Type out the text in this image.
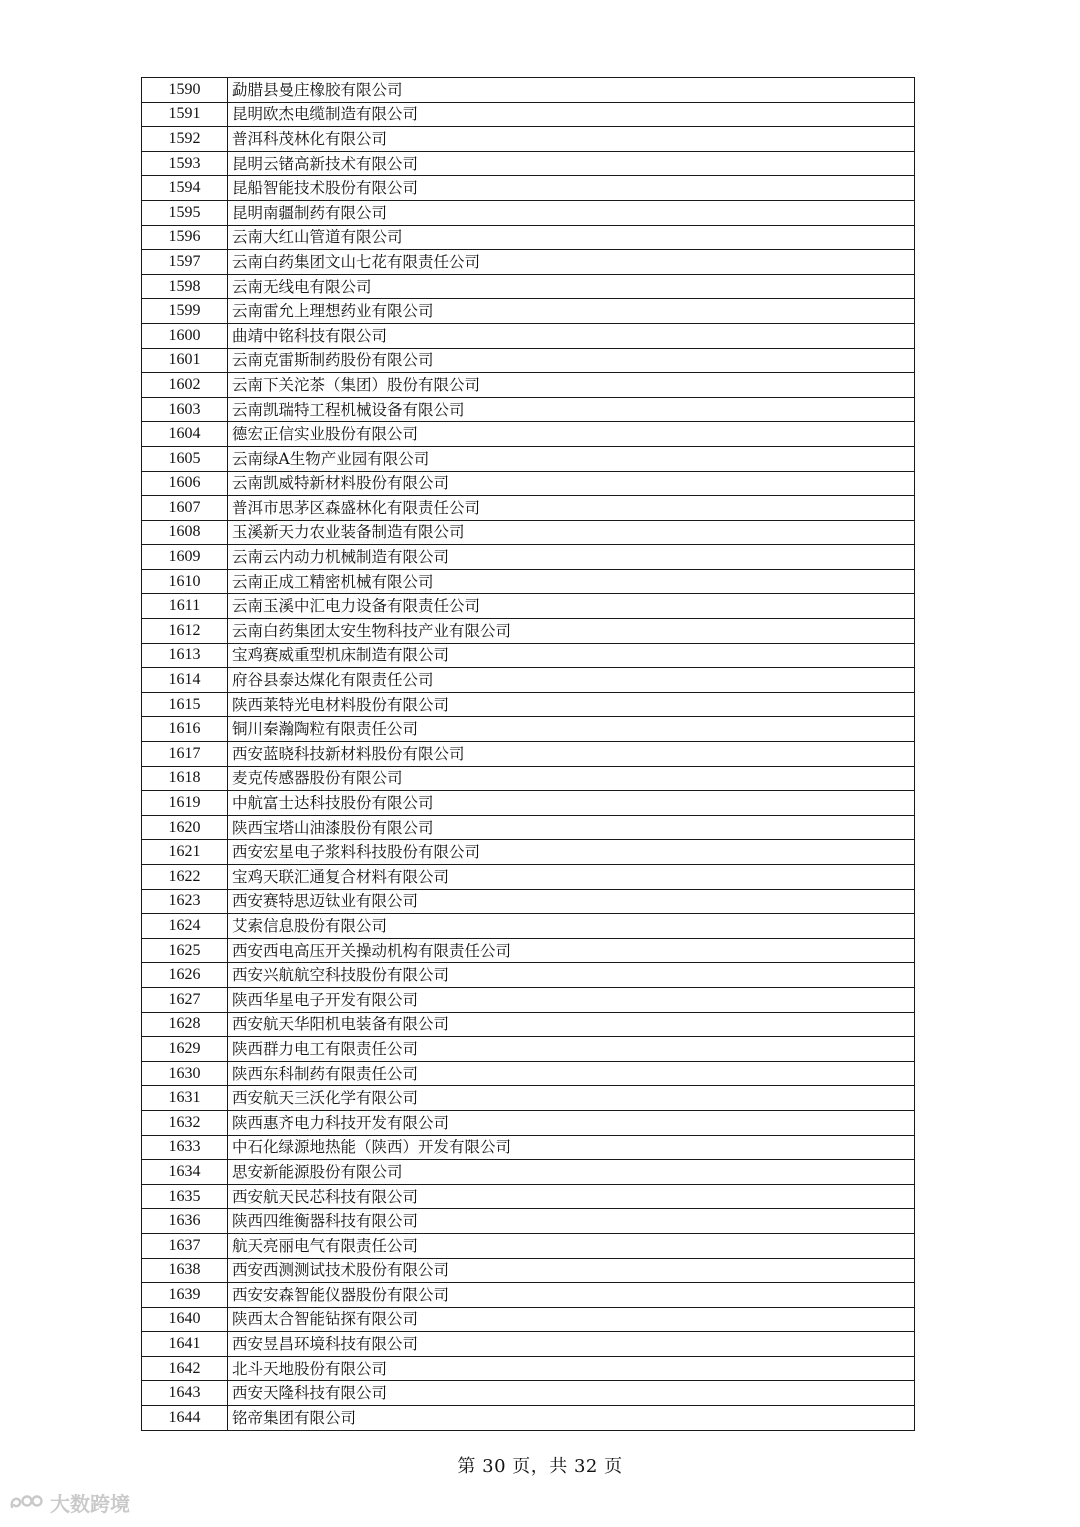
1590	勐腊县曼庄橡胶有限公司
1591	昆明欧杰电缆制造有限公司
1592	普洱科茂林化有限公司
1593	昆明云锗高新技术有限公司
1594	昆船智能技术股份有限公司
1595	昆明南疆制药有限公司
1596	云南大红山管道有限公司
1597	云南白药集团文山七花有限责任公司
1598	云南无线电有限公司
1599	云南雷允上理想药业有限公司
1600	曲靖中铭科技有限公司
1601	云南克雷斯制药股份有限公司
1602	云南下关沱茶（集团）股份有限公司
1603	云南凯瑞特工程机械设备有限公司
1604	德宏正信实业股份有限公司
1605	云南绿A生物产业园有限公司
1606	云南凯威特新材料股份有限公司
1607	普洱市思茅区森盛林化有限责任公司
1608	玉溪新天力农业装备制造有限公司
1609	云南云内动力机械制造有限公司
1610	云南正成工精密机械有限公司
1611	云南玉溪中汇电力设备有限责任公司
1612	云南白药集团太安生物科技产业有限公司
1613	宝鸡赛威重型机床制造有限公司
1614	府谷县泰达煤化有限责任公司
1615	陕西莱特光电材料股份有限公司
1616	铜川秦瀚陶粒有限责任公司
1617	西安蓝晓科技新材料股份有限公司
1618	麦克传感器股份有限公司
1619	中航富士达科技股份有限公司
1620	陕西宝塔山油漆股份有限公司
1621	西安宏星电子浆料科技股份有限公司
1622	宝鸡天联汇通复合材料有限公司
1623	西安赛特思迈钛业有限公司
1624	艾索信息股份有限公司
1625	西安西电高压开关操动机构有限责任公司
1626	西安兴航航空科技股份有限公司
1627	陕西华星电子开发有限公司
1628	西安航天华阳机电装备有限公司
1629	陕西群力电工有限责任公司
1630	陕西东科制药有限责任公司
1631	西安航天三沃化学有限公司
1632	陕西惠齐电力科技开发有限公司
1633	中石化绿源地热能（陕西）开发有限公司
1634	思安新能源股份有限公司
1635	西安航天民芯科技有限公司
1636	陕西四维衡器科技有限公司
1637	航天亮丽电气有限责任公司
1638	西安西测测试技术股份有限公司
1639	西安安森智能仪器股份有限公司
1640	陕西太合智能钻探有限公司
1641	西安昱昌环境科技有限公司
1642	北斗天地股份有限公司
1643	西安天隆科技有限公司
1644	铭帝集团有限公司
第 30 页，共 32 页
大数跨境
